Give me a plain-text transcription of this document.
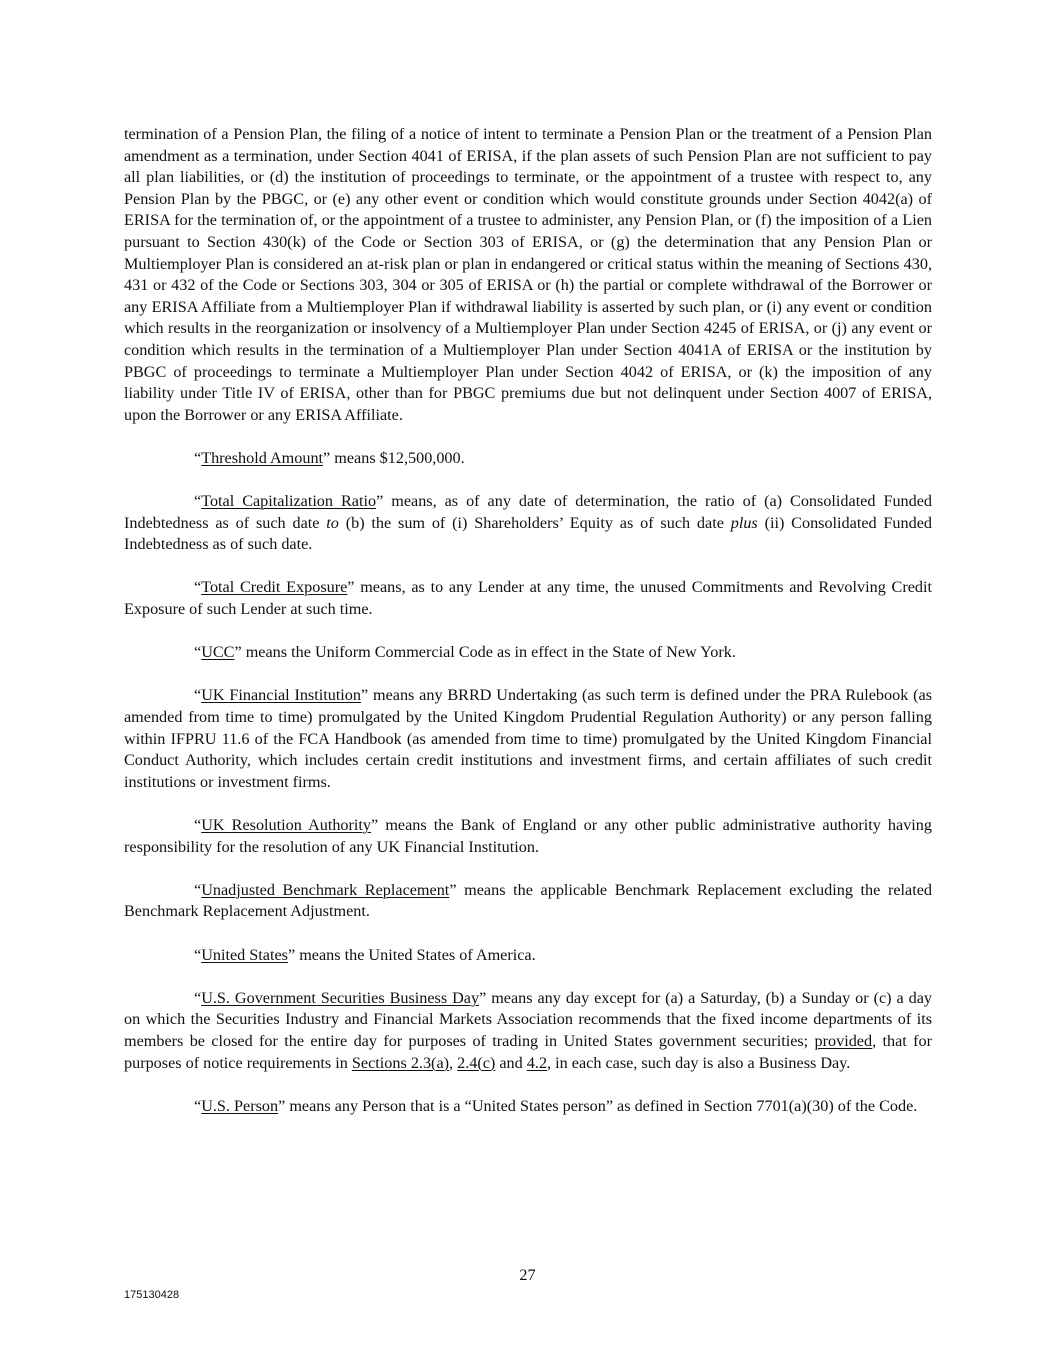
termination of a Pension Plan, the filing of a notice of intent to terminate a Pension Plan or the treatment of a Pension Plan amendment as a termination, under Section 4041 of ERISA, if the plan assets of such Pension Plan are not sufficient to pay all plan liabilities, or (d) the institution of proceedings to terminate, or the appointment of a trustee with respect to, any Pension Plan by the PBGC, or (e) any other event or condition which would constitute grounds under Section 4042(a) of ERISA for the termination of, or the appointment of a trustee to administer, any Pension Plan, or (f) the imposition of a Lien pursuant to Section 430(k) of the Code or Section 303 of ERISA, or (g) the determination that any Pension Plan or Multiemployer Plan is considered an at-risk plan or plan in endangered or critical status within the meaning of Sections 430, 431 or 432 of the Code or Sections 303, 304 or 305 of ERISA or (h) the partial or complete withdrawal of the Borrower or any ERISA Affiliate from a Multiemployer Plan if withdrawal liability is asserted by such plan, or (i) any event or condition which results in the reorganization or insolvency of a Multiemployer Plan under Section 4245 of ERISA, or (j) any event or condition which results in the termination of a Multiemployer Plan under Section 4041A of ERISA or the institution by PBGC of proceedings to terminate a Multiemployer Plan under Section 4042 of ERISA, or (k) the imposition of any liability under Title IV of ERISA, other than for PBGC premiums due but not delinquent under Section 4007 of ERISA, upon the Borrower or any ERISA Affiliate.

“Threshold Amount” means $12,500,000.

“Total Capitalization Ratio” means, as of any date of determination, the ratio of (a) Consolidated Funded Indebtedness as of such date to (b) the sum of (i) Shareholders’ Equity as of such date plus (ii) Consolidated Funded Indebtedness as of such date.

“Total Credit Exposure” means, as to any Lender at any time, the unused Commitments and Revolving Credit Exposure of such Lender at such time.

“UCC” means the Uniform Commercial Code as in effect in the State of New York.

“UK Financial Institution” means any BRRD Undertaking (as such term is defined under the PRA Rulebook (as amended from time to time) promulgated by the United Kingdom Prudential Regulation Authority) or any person falling within IFPRU 11.6 of the FCA Handbook (as amended from time to time) promulgated by the United Kingdom Financial Conduct Authority, which includes certain credit institutions and investment firms, and certain affiliates of such credit institutions or investment firms.

“UK Resolution Authority” means the Bank of England or any other public administrative authority having responsibility for the resolution of any UK Financial Institution.

“Unadjusted Benchmark Replacement” means the applicable Benchmark Replacement excluding the related Benchmark Replacement Adjustment.

“United States” means the United States of America.

“U.S. Government Securities Business Day” means any day except for (a) a Saturday, (b) a Sunday or (c) a day on which the Securities Industry and Financial Markets Association recommends that the fixed income departments of its members be closed for the entire day for purposes of trading in United States government securities; provided, that for purposes of notice requirements in Sections 2.3(a), 2.4(c) and 4.2, in each case, such day is also a Business Day.

“U.S. Person” means any Person that is a “United States person” as defined in Section 7701(a)(30) of the Code.

27
175130428
